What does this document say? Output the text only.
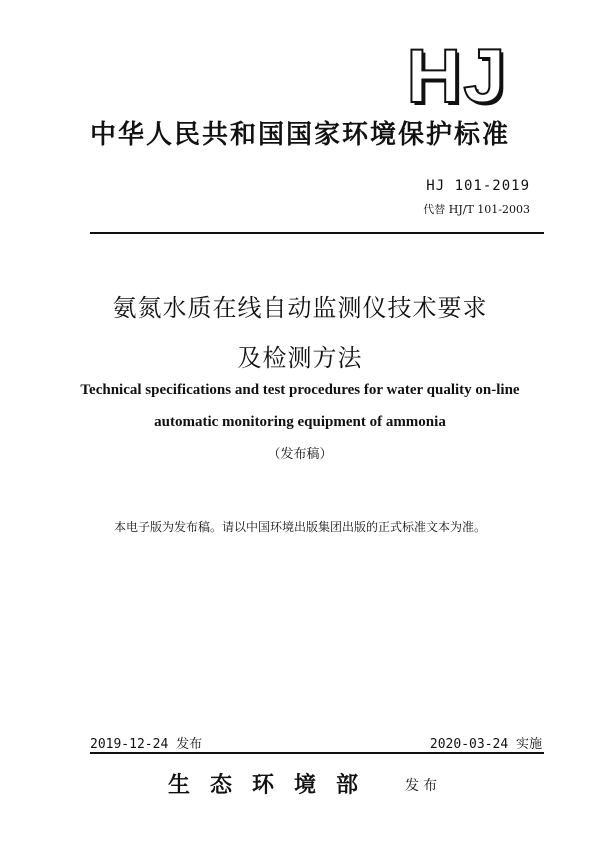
HJ
中华人民共和国国家环境保护标准
HJ 101-2019
代替 HJ/T 101-2003
氨氮水质在线自动监测仪技术要求
及检测方法
Technical specifications and test procedures for water quality on-line
automatic monitoring equipment of ammonia
（发布稿）
本电子版为发布稿。请以中国环境出版集团出版的正式标准文本为准。
2019-12-24 发布	2020-03-24 实施
生态环境部 发布
